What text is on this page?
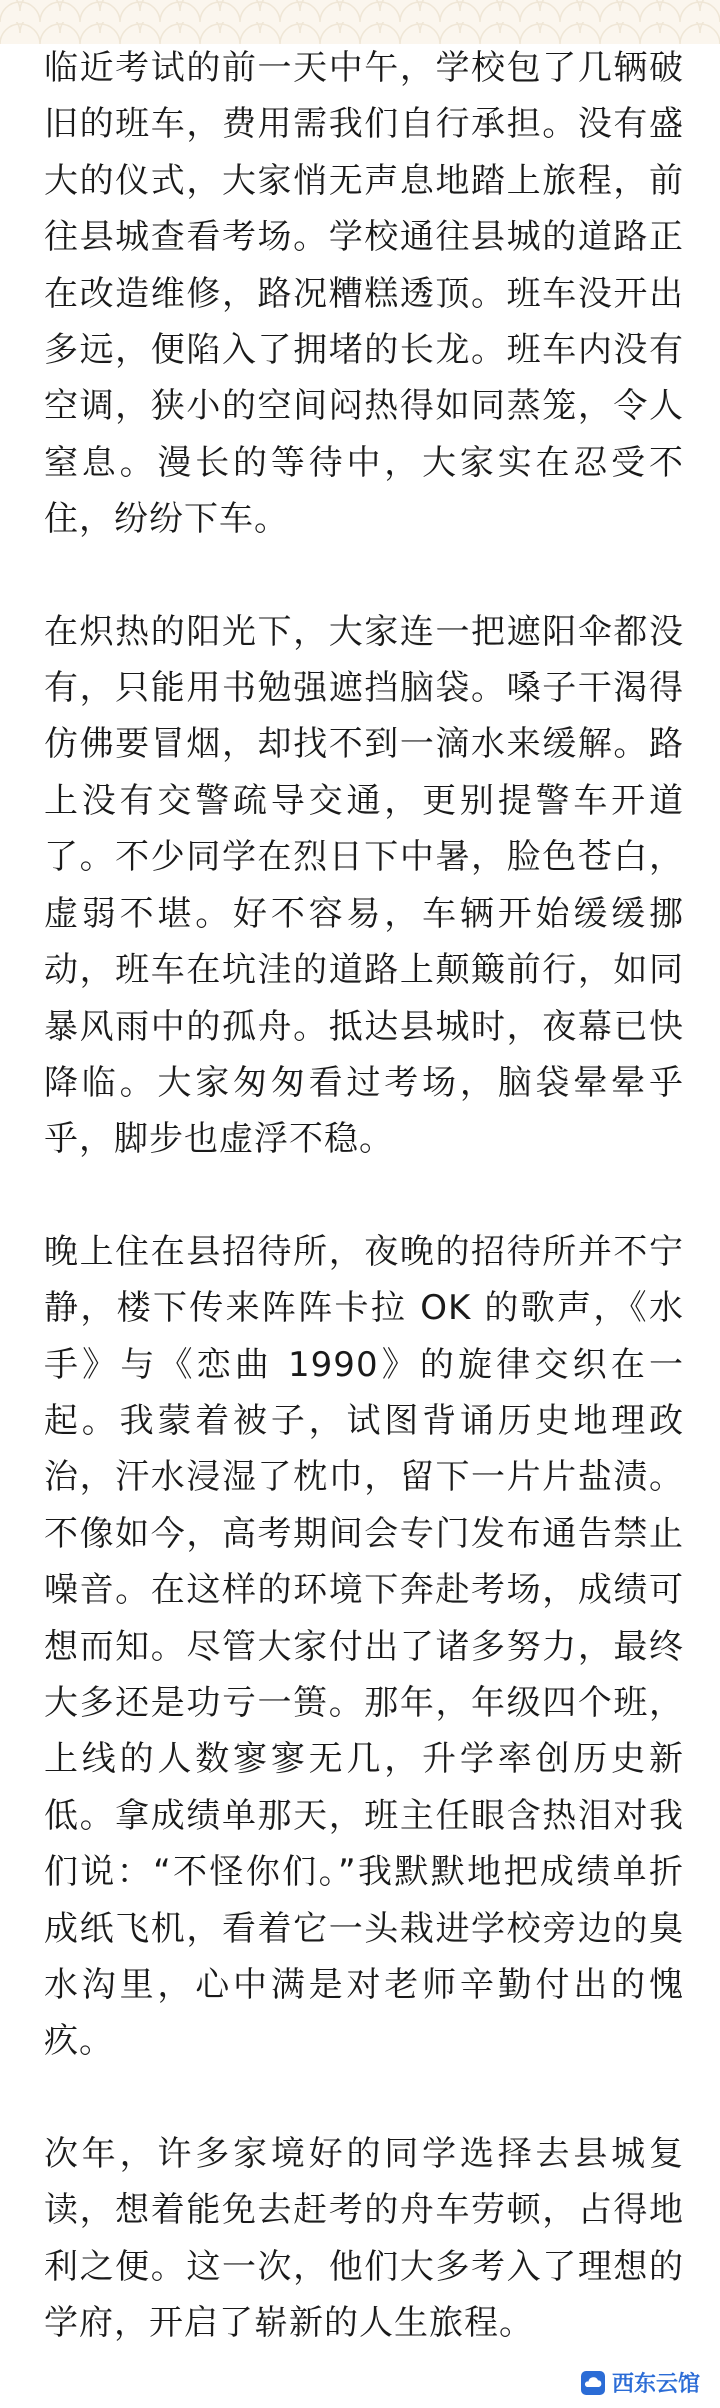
临近考试的前一天中午，学校包了几辆破旧的班车，费用需我们自行承担。没有盛大的仪式，大家悄无声息地踏上旅程，前往县城查看考场。学校通往县城的道路正在改造维修，路况糟糕透顶。班车没开出多远，便陷入了拥堵的长龙。班车内没有空调，狭小的空间闷热得如同蒸笼，令人窒息。漫长的等待中，大家实在忍受不住，纷纷下车。

在炽热的阳光下，大家连一把遮阳伞都没有，只能用书勉强遮挡脑袋。嗓子干渴得仿佛要冒烟，却找不到一滴水来缓解。路上没有交警疏导交通，更别提警车开道了。不少同学在烈日下中暑，脸色苍白，虚弱不堪。好不容易，车辆开始缓缓挪动，班车在坑洼的道路上颠簸前行，如同暴风雨中的孤舟。抵达县城时，夜幕已快降临。大家匆匆看过考场，脑袋晕晕乎乎，脚步也虚浮不稳。

晚上住在县招待所，夜晚的招待所并不宁静，楼下传来阵阵卡拉 OK 的歌声，《水手》与《恋曲 1990》的旋律交织在一起。我蒙着被子，试图背诵历史地理政治，汗水浸湿了枕巾，留下一片片盐渍。不像如今，高考期间会专门发布通告禁止噪音。在这样的环境下奔赴考场，成绩可想而知。尽管大家付出了诸多努力，最终大多还是功亏一篑。那年，年级四个班，上线的人数寥寥无几，升学率创历史新低。拿成绩单那天，班主任眼含热泪对我们说：“不怪你们。”我默默地把成绩单折成纸飞机，看着它一头栽进学校旁边的臭水沟里，心中满是对老师辛勤付出的愧疚。

次年，许多家境好的同学选择去县城复读，想着能免去赶考的舟车劳顿，占得地利之便。这一次，他们大多考入了理想的学府，开启了崭新的人生旅程。

西东云馆
